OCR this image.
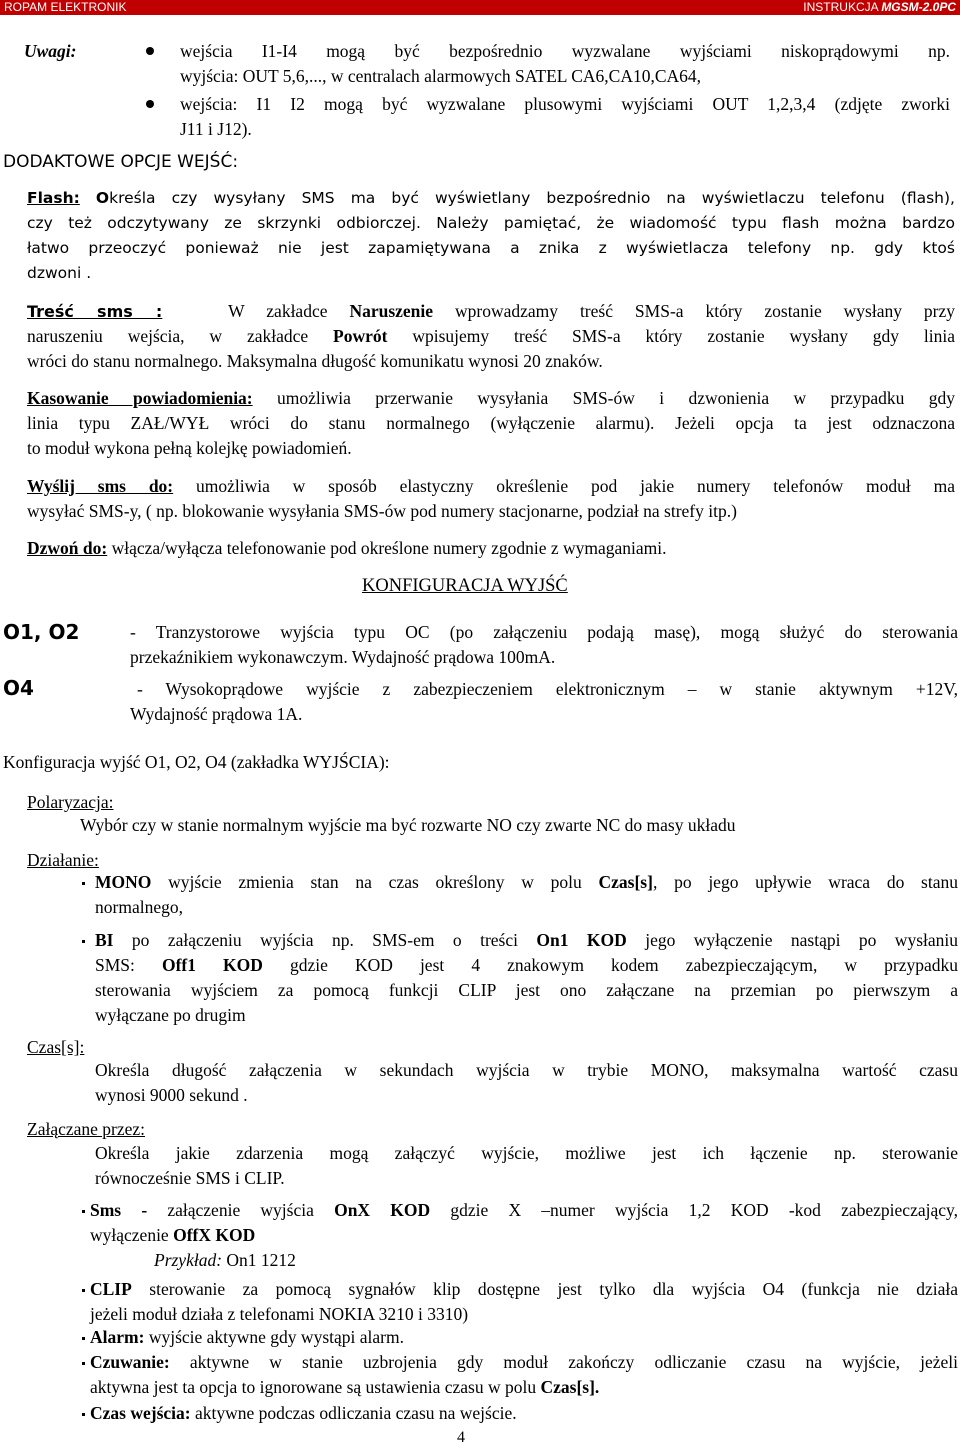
ROPAM ELEKTRONIK	INSTRUKCJA MGSM-2.0PC
Uwagi:	wejścia I1-I4 mogą być bezpośrednio wyzwalane wyjściami niskoprądowymi np.
wyjścia: OUT 5,6,..., w centralach alarmowych SATEL CA6,CA10,CA64,
wejścia: I1 I2 mogą być wyzwalane plusowymi wyjściami OUT 1,2,3,4 (zdjęte zworki
J11 i J12).
DODAKTOWE OPCJE WEJŚĆ:
Flash: Określa czy wysyłany SMS ma być wyświetlany bezpośrednio na wyświetlaczu telefonu (flash),
czy też odczytywany ze skrzynki odbiorczej. Należy pamiętać, że wiadomość typu flash można bardzo
łatwo przeoczyć ponieważ nie jest zapamiętywana a znika z wyświetlacza telefony np. gdy ktoś
dzwoni .
Treść sms :	W zakładce Naruszenie wprowadzamy treść SMS-a który zostanie wysłany przy
naruszeniu wejścia, w zakładce Powrót wpisujemy treść SMS-a który zostanie wysłany gdy linia
wróci do stanu normalnego. Maksymalna długość komunikatu wynosi 20 znaków.
Kasowanie powiadomienia: umożliwia przerwanie wysyłania SMS-ów i dzwonienia w przypadku gdy
linia typu ZAŁ/WYŁ wróci do stanu normalnego (wyłączenie alarmu). Jeżeli opcja ta jest odznaczona
to moduł wykona pełną kolejkę powiadomień.
Wyślij sms do: umożliwia w sposób elastyczny określenie pod jakie numery telefonów moduł ma
wysyłać SMS-y, ( np. blokowanie wysyłania SMS-ów pod numery stacjonarne, podział na strefy itp.)
Dzwoń do: włącza/wyłącza telefonowanie pod określone numery zgodnie z wymaganiami.
KONFIGURACJA WYJŚĆ
O1, O2	- Tranzystorowe wyjścia typu OC (po załączeniu podają masę), mogą służyć do sterowania
przekaźnikiem wykonawczym. Wydajność prądowa 100mA.
O4	- Wysokoprądowe wyjście z zabezpieczeniem elektronicznym – w stanie aktywnym +12V,
Wydajność prądowa 1A.
Konfiguracja wyjść O1, O2, O4 (zakładka WYJŚCIA):
Polaryzacja:
Wybór czy w stanie normalnym wyjście ma być rozwarte NO czy zwarte NC do masy układu
Działanie:
MONO wyjście zmienia stan na czas określony w polu Czas[s], po jego upływie wraca do stanu
normalnego,
BI po załączeniu wyjścia np. SMS-em o treści On1 KOD jego wyłączenie nastąpi po wysłaniu
SMS: Off1 KOD gdzie KOD jest 4 znakowym kodem zabezpieczającym, w przypadku
sterowania wyjściem za pomocą funkcji CLIP jest ono załączane na przemian po pierwszym a
wyłączane po drugim
Czas[s]:
Określa długość załączenia w sekundach wyjścia w trybie MONO, maksymalna wartość czasu
wynosi 9000 sekund .
Załączane przez:
Określa jakie zdarzenia mogą załączyć wyjście, możliwe jest ich łączenie np. sterowanie
równocześnie SMS i CLIP.
Sms - załączenie wyjścia OnX KOD gdzie X –numer wyjścia 1,2 KOD -kod zabezpieczający,
wyłączenie OffX KOD
Przykład: On1 1212
CLIP sterowanie za pomocą sygnałów klip dostępne jest tylko dla wyjścia O4 (funkcja nie działa
jeżeli moduł działa z telefonami NOKIA 3210 i 3310)
Alarm: wyjście aktywne gdy wystąpi alarm.
Czuwanie: aktywne w stanie uzbrojenia gdy moduł zakończy odliczanie czasu na wyjście, jeżeli
aktywna jest ta opcja to ignorowane są ustawienia czasu w polu Czas[s].
Czas wejścia: aktywne podczas odliczania czasu na wejście.
4
